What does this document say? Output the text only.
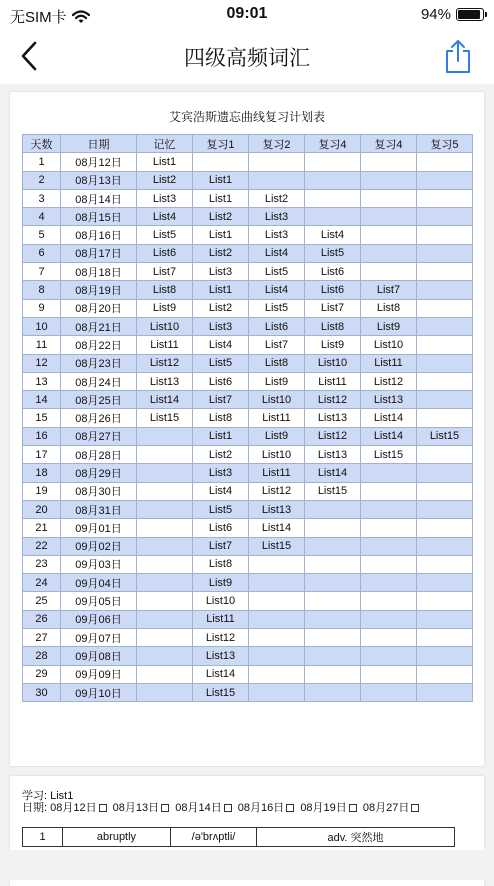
无SIM卡	09:01	94%
四级高频词汇
艾宾浩斯遗忘曲线复习计划表
天数	日期	记忆	复习1	复习2	复习4	复习4	复习5
1	08月12日	List1					
2	08月13日	List2	List1				
3	08月14日	List3	List1	List2			
4	08月15日	List4	List2	List3			
5	08月16日	List5	List1	List3	List4		
6	08月17日	List6	List2	List4	List5		
7	08月18日	List7	List3	List5	List6		
8	08月19日	List8	List1	List4	List6	List7	
9	08月20日	List9	List2	List5	List7	List8	
10	08月21日	List10	List3	List6	List8	List9	
11	08月22日	List11	List4	List7	List9	List10	
12	08月23日	List12	List5	List8	List10	List11	
13	08月24日	List13	List6	List9	List11	List12	
14	08月25日	List14	List7	List10	List12	List13	
15	08月26日	List15	List8	List11	List13	List14	
16	08月27日		List1	List9	List12	List14	List15
17	08月28日		List2	List10	List13	List15	
18	08月29日		List3	List11	List14		
19	08月30日		List4	List12	List15		
20	08月31日		List5	List13			
21	09月01日		List6	List14			
22	09月02日		List7	List15			
23	09月03日		List8				
24	09月04日		List9				
25	09月05日		List10				
26	09月06日		List11				
27	09月07日		List12				
28	09月08日		List13				
29	09月09日		List14				
30	09月10日		List15				
学习: List1
日期: 08月12日 08月13日 08月14日 08月16日 08月19日 08月27日
1	abruptly	/ə'brʌptli/	adv. 突然地
